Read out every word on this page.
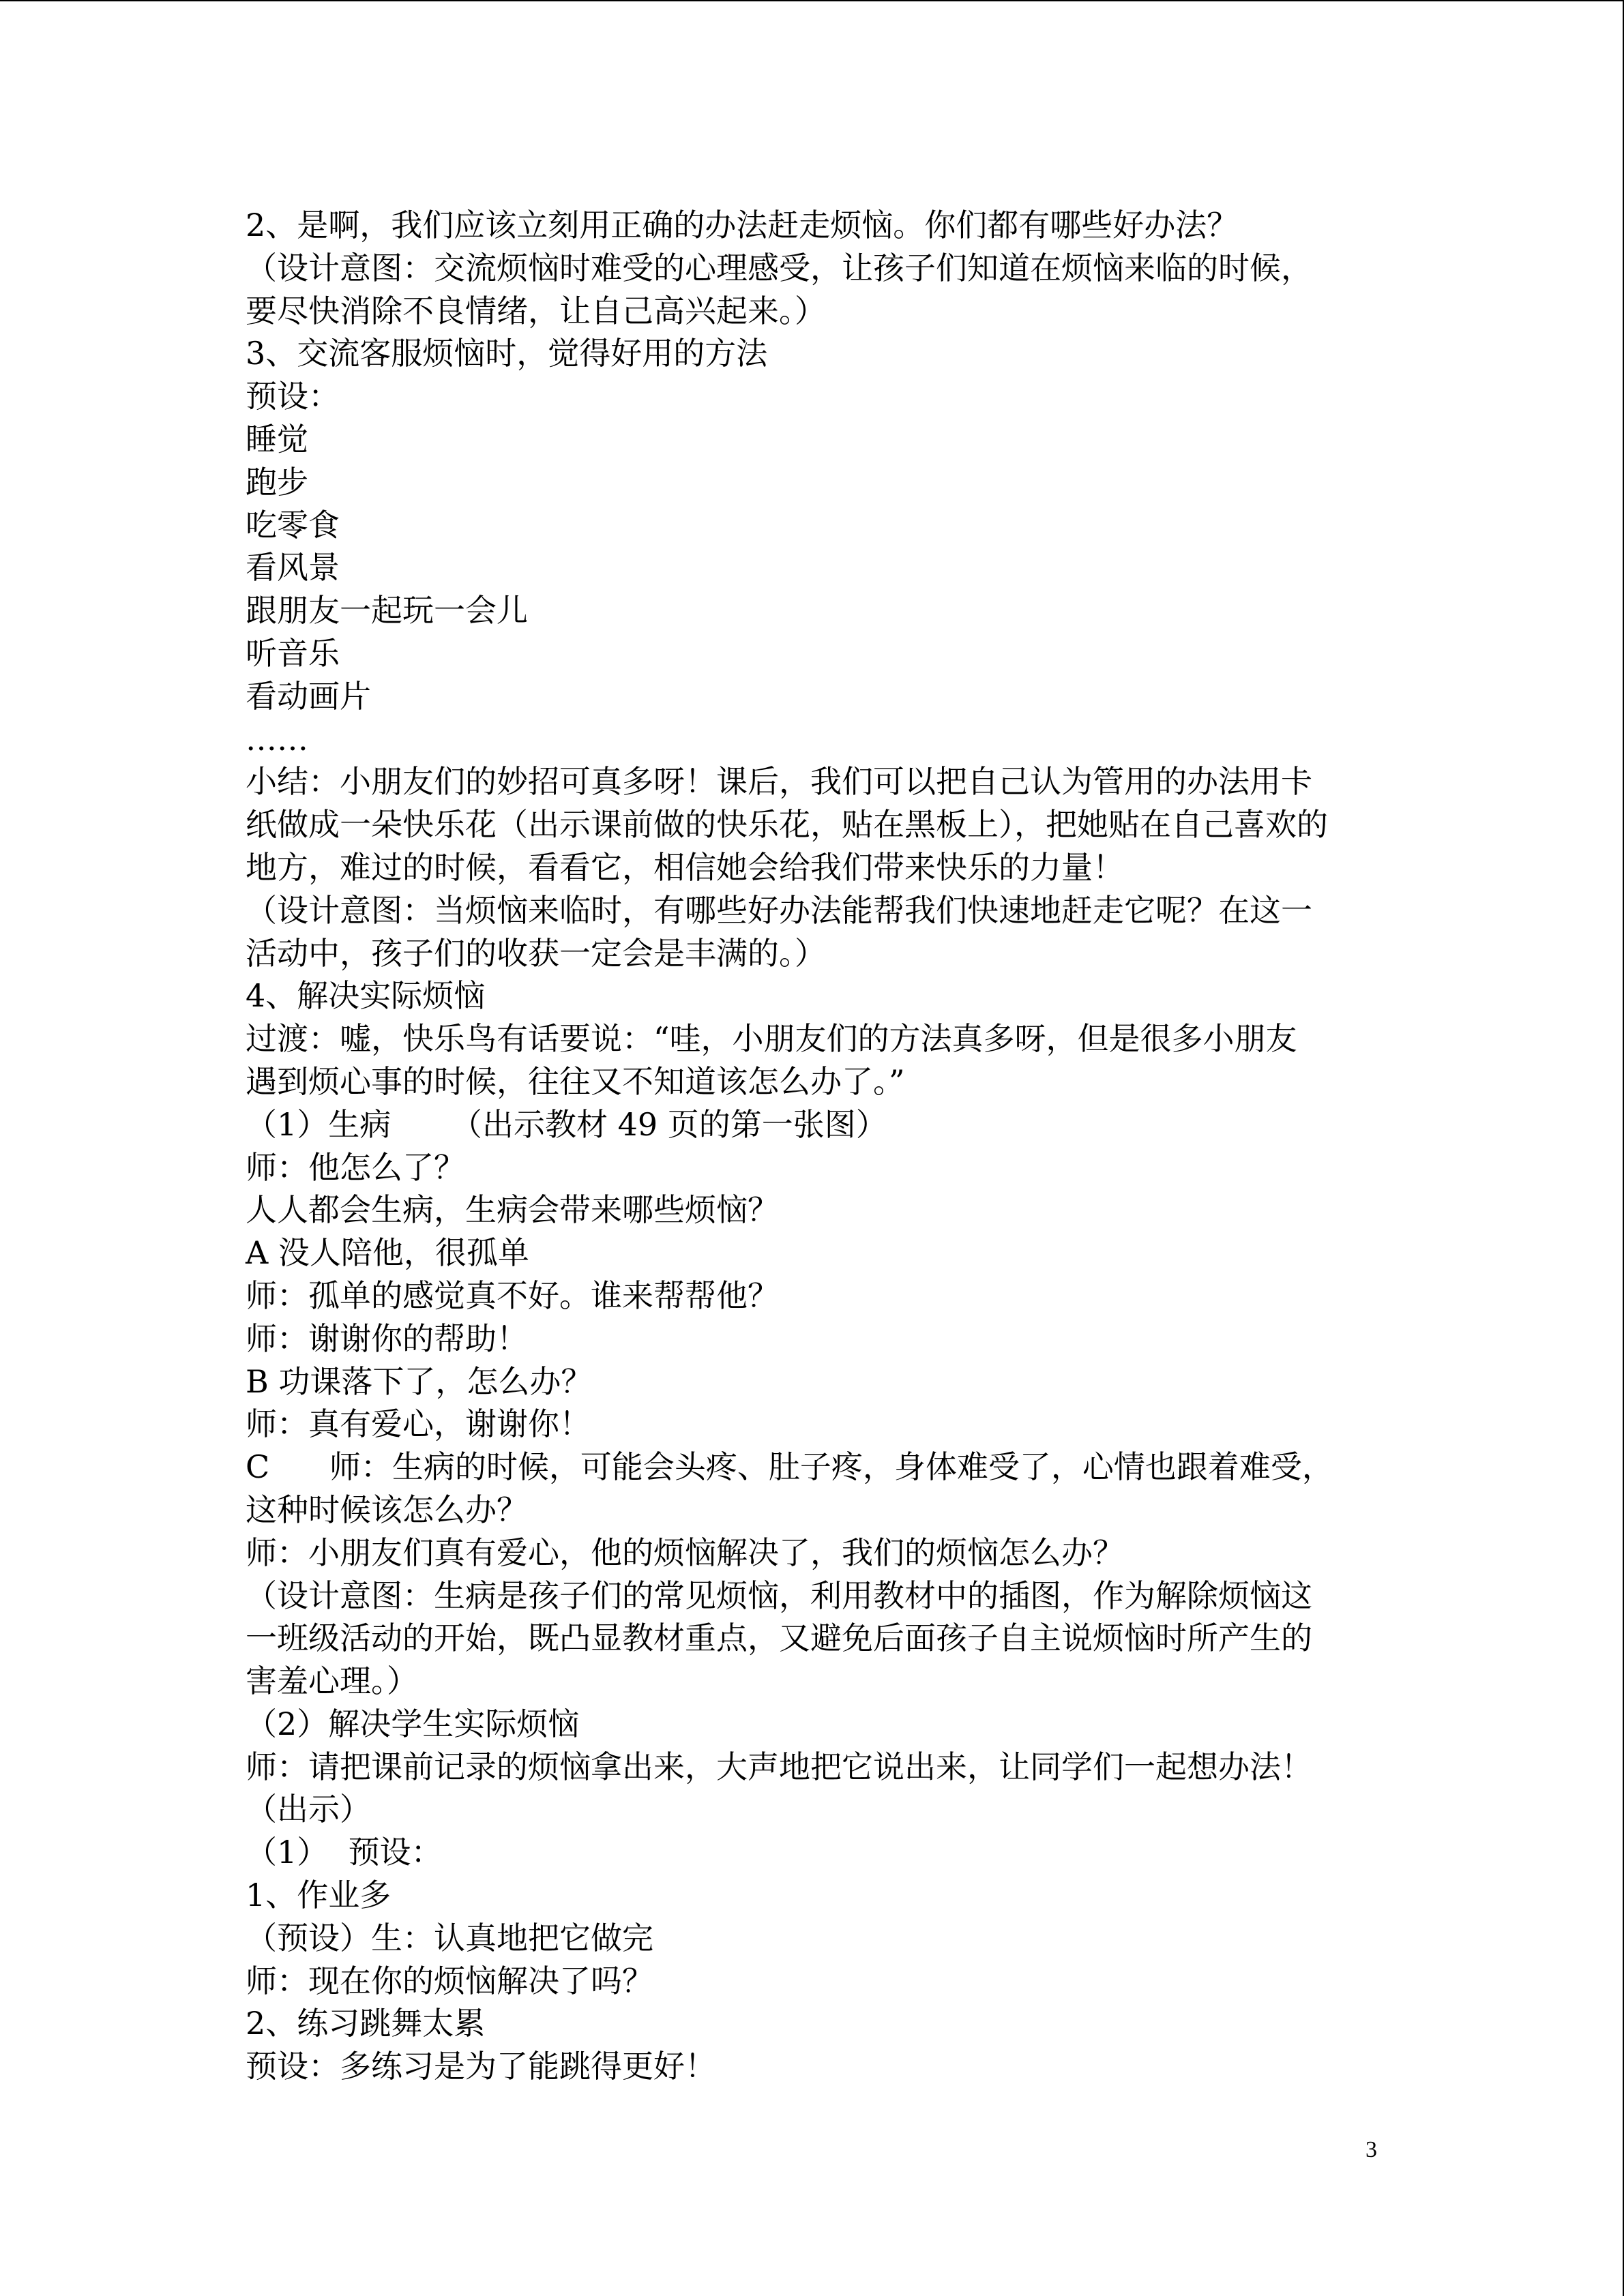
2、是啊，我们应该立刻用正确的办法赶走烦恼。你们都有哪些好办法？
（设计意图：交流烦恼时难受的心理感受，让孩子们知道在烦恼来临的时候，
要尽快消除不良情绪，让自己高兴起来。）
3、交流客服烦恼时，觉得好用的方法
预设：
睡觉
跑步
吃零食
看风景
跟朋友一起玩一会儿
听音乐
看动画片
……
小结：小朋友们的妙招可真多呀！课后，我们可以把自己认为管用的办法用卡
纸做成一朵快乐花（出示课前做的快乐花，贴在黑板上），把她贴在自己喜欢的
地方，难过的时候，看看它，相信她会给我们带来快乐的力量！
（设计意图：当烦恼来临时，有哪些好办法能帮我们快速地赶走它呢？在这一
活动中，孩子们的收获一定会是丰满的。）
4、解决实际烦恼
过渡：嘘，快乐鸟有话要说：“哇，小朋友们的方法真多呀，但是很多小朋友
遇到烦心事的时候，往往又不知道该怎么办了。”
（1）生病      （出示教材 49 页的第一张图）
师：他怎么了？
人人都会生病，生病会带来哪些烦恼？
A 没人陪他，很孤单
师：孤单的感觉真不好。谁来帮帮他？
师：谢谢你的帮助！
B 功课落下了，怎么办？
师：真有爱心，谢谢你！
C      师：生病的时候，可能会头疼、肚子疼，身体难受了，心情也跟着难受，
这种时候该怎么办？
师：小朋友们真有爱心，他的烦恼解决了，我们的烦恼怎么办？
（设计意图：生病是孩子们的常见烦恼，利用教材中的插图，作为解除烦恼这
一班级活动的开始，既凸显教材重点，又避免后面孩子自主说烦恼时所产生的
害羞心理。）
（2）解决学生实际烦恼
师：请把课前记录的烦恼拿出来，大声地把它说出来，让同学们一起想办法！
（出示）
（1）  预设：
1、作业多
（预设）生：认真地把它做完
师：现在你的烦恼解决了吗？
2、练习跳舞太累
预设：多练习是为了能跳得更好！
3
